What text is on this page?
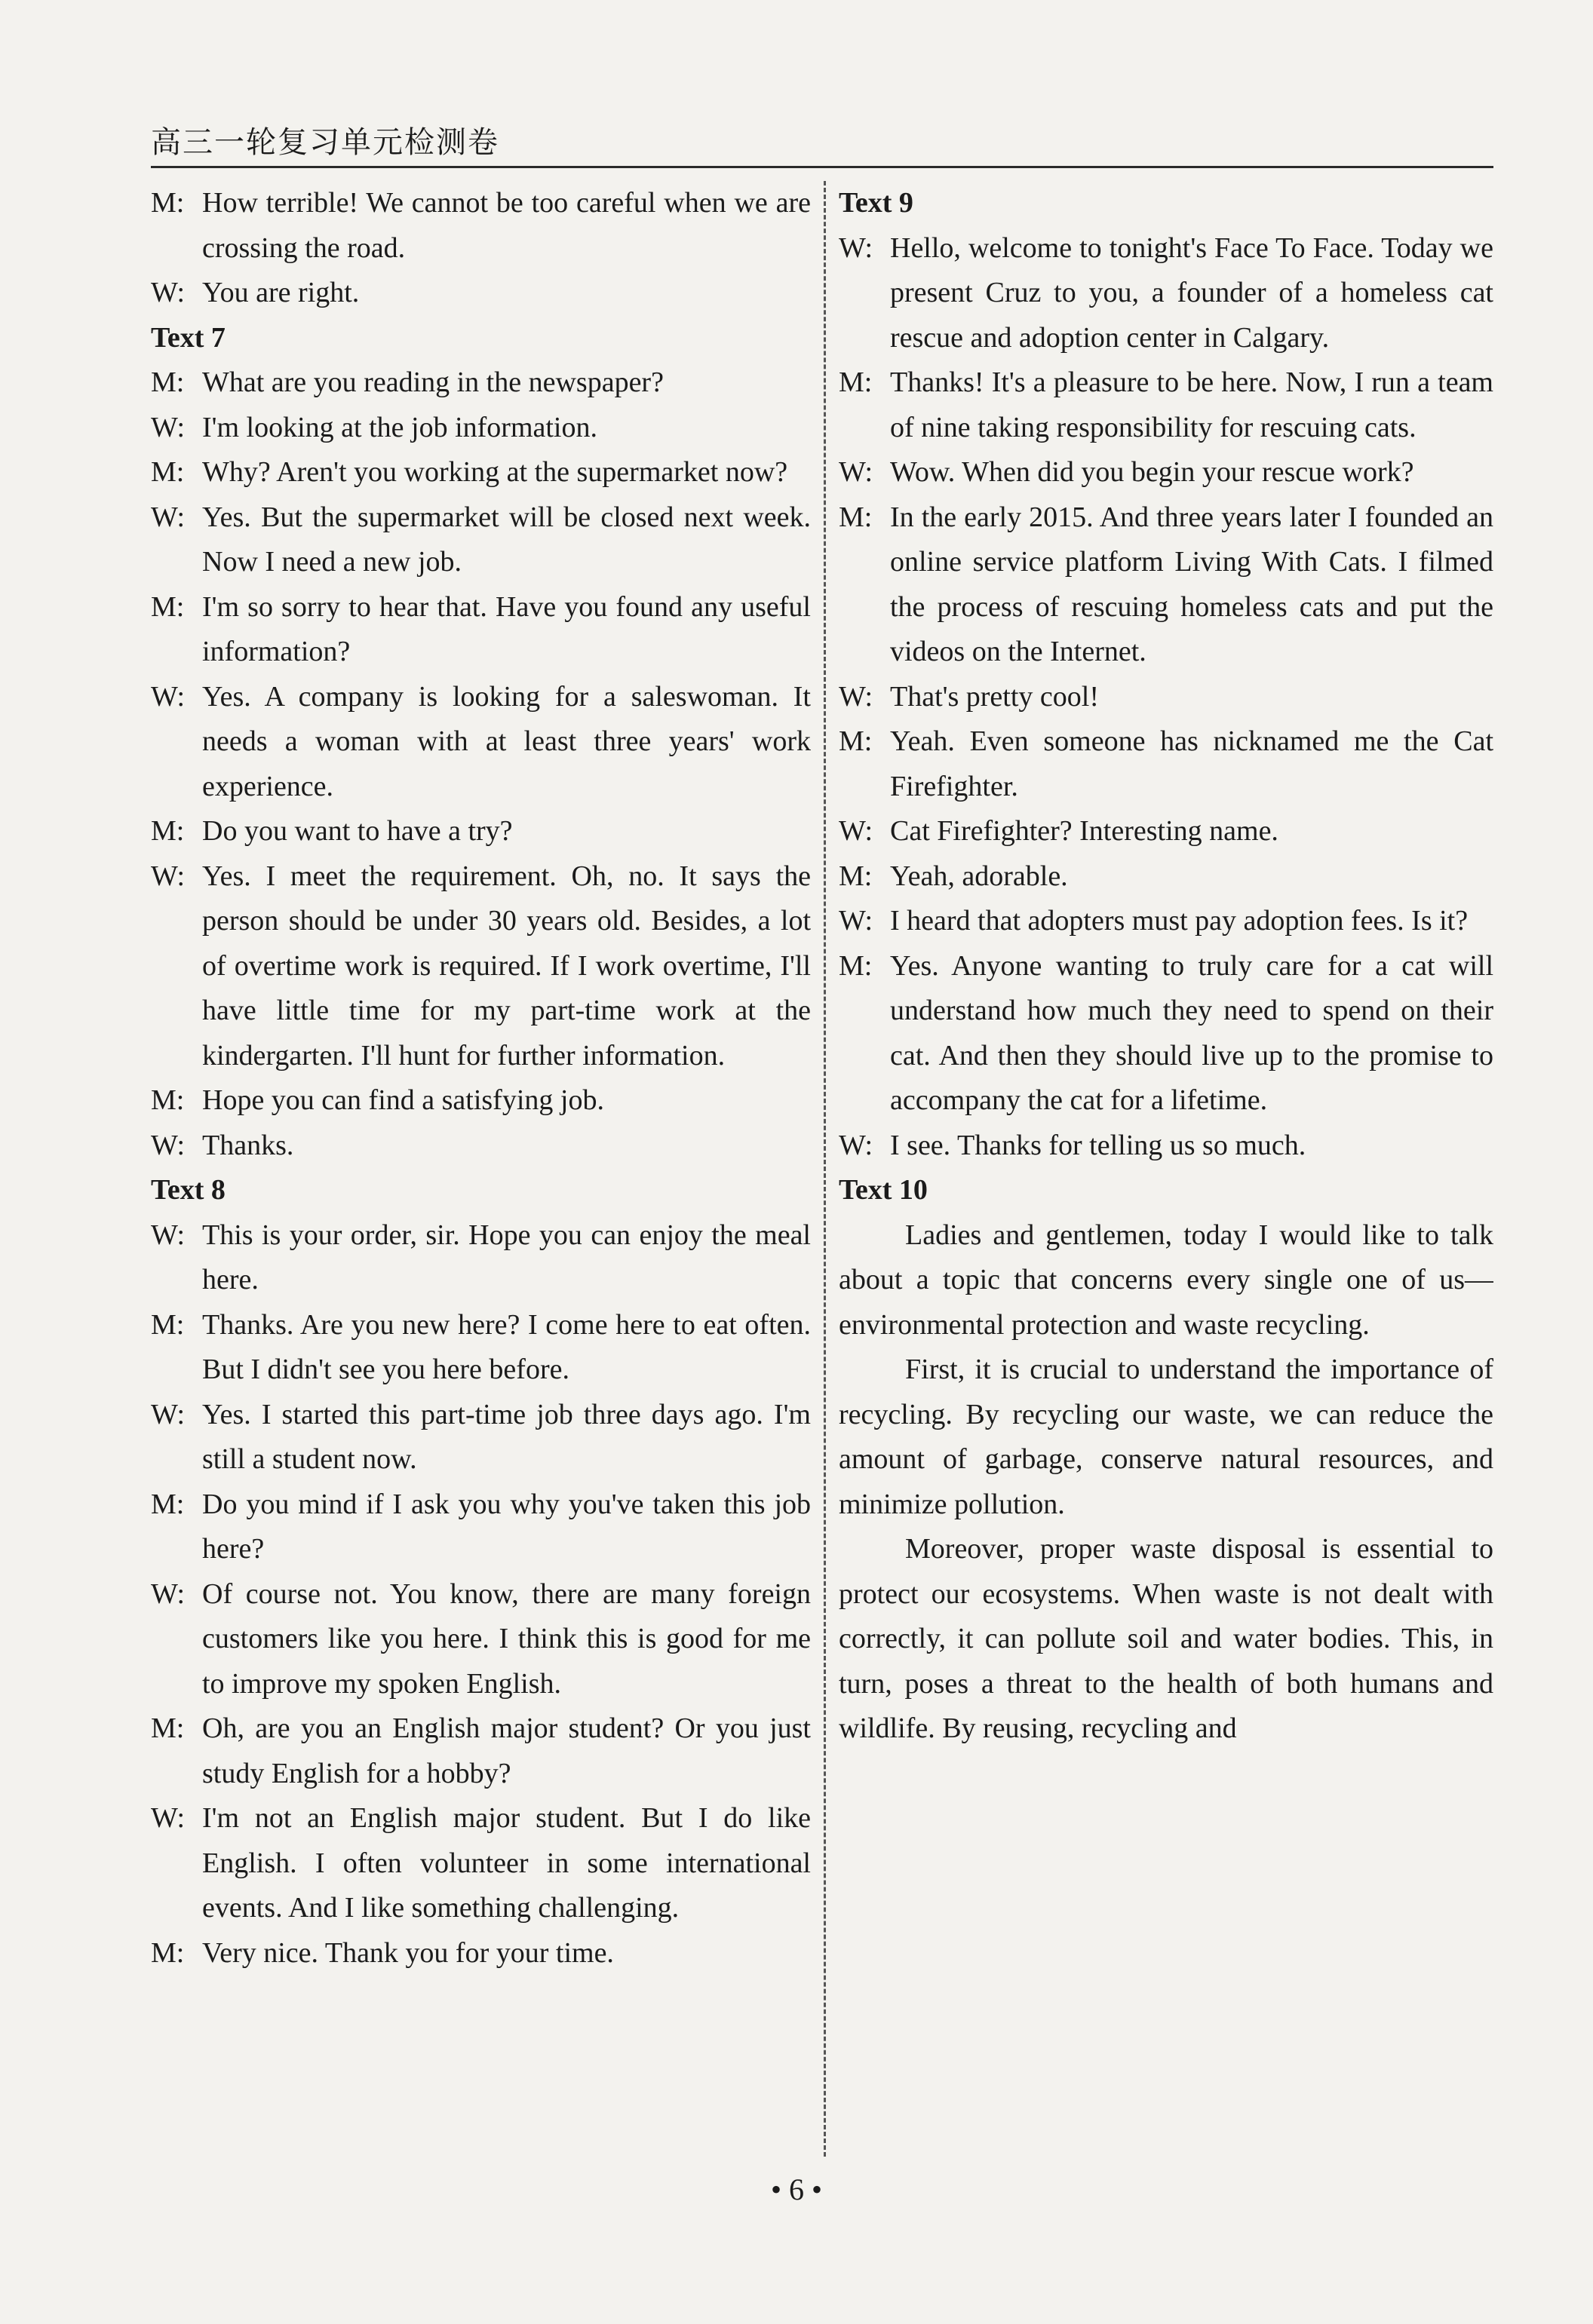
高三一轮复习单元检测卷

M: How terrible! We cannot be too careful when we are crossing the road.

W: You are right.

Text 7

M: What are you reading in the newspaper?

W: I'm looking at the job information.

M: Why? Aren't you working at the supermarket now?

W: Yes. But the supermarket will be closed next week. Now I need a new job.

M: I'm so sorry to hear that. Have you found any useful information?

W: Yes. A company is looking for a saleswoman. It needs a woman with at least three years' work experience.

M: Do you want to have a try?

W: Yes. I meet the requirement. Oh, no. It says the person should be under 30 years old. Besides, a lot of overtime work is required. If I work overtime, I'll have little time for my part-time work at the kindergarten. I'll hunt for further information.

M: Hope you can find a satisfying job.

W: Thanks.

Text 8

W: This is your order, sir. Hope you can enjoy the meal here.

M: Thanks. Are you new here? I come here to eat often. But I didn't see you here before.

W: Yes. I started this part-time job three days ago. I'm still a student now.

M: Do you mind if I ask you why you've taken this job here?

W: Of course not. You know, there are many foreign customers like you here. I think this is good for me to improve my spoken English.

M: Oh, are you an English major student? Or you just study English for a hobby?

W: I'm not an English major student. But I do like English. I often volunteer in some international events. And I like something challenging.

M: Very nice. Thank you for your time.

Text 9

W: Hello, welcome to tonight's Face To Face. Today we present Cruz to you, a founder of a homeless cat rescue and adoption center in Calgary.

M: Thanks! It's a pleasure to be here. Now, I run a team of nine taking responsibility for rescuing cats.

W: Wow. When did you begin your rescue work?

M: In the early 2015. And three years later I founded an online service platform Living With Cats. I filmed the process of rescuing homeless cats and put the videos on the Internet.

W: That's pretty cool!

M: Yeah. Even someone has nicknamed me the Cat Firefighter.

W: Cat Firefighter? Interesting name.

M: Yeah, adorable.

W: I heard that adopters must pay adoption fees. Is it?

M: Yes. Anyone wanting to truly care for a cat will understand how much they need to spend on their cat. And then they should live up to the promise to accompany the cat for a lifetime.

W: I see. Thanks for telling us so much.

Text 10

Ladies and gentlemen, today I would like to talk about a topic that concerns every single one of us—environmental protection and waste recycling.

First, it is crucial to understand the importance of recycling. By recycling our waste, we can reduce the amount of garbage, conserve natural resources, and minimize pollution.

Moreover, proper waste disposal is essential to protect our ecosystems. When waste is not dealt with correctly, it can pollute soil and water bodies. This, in turn, poses a threat to the health of both humans and wildlife. By reusing, recycling and

• 6 •
